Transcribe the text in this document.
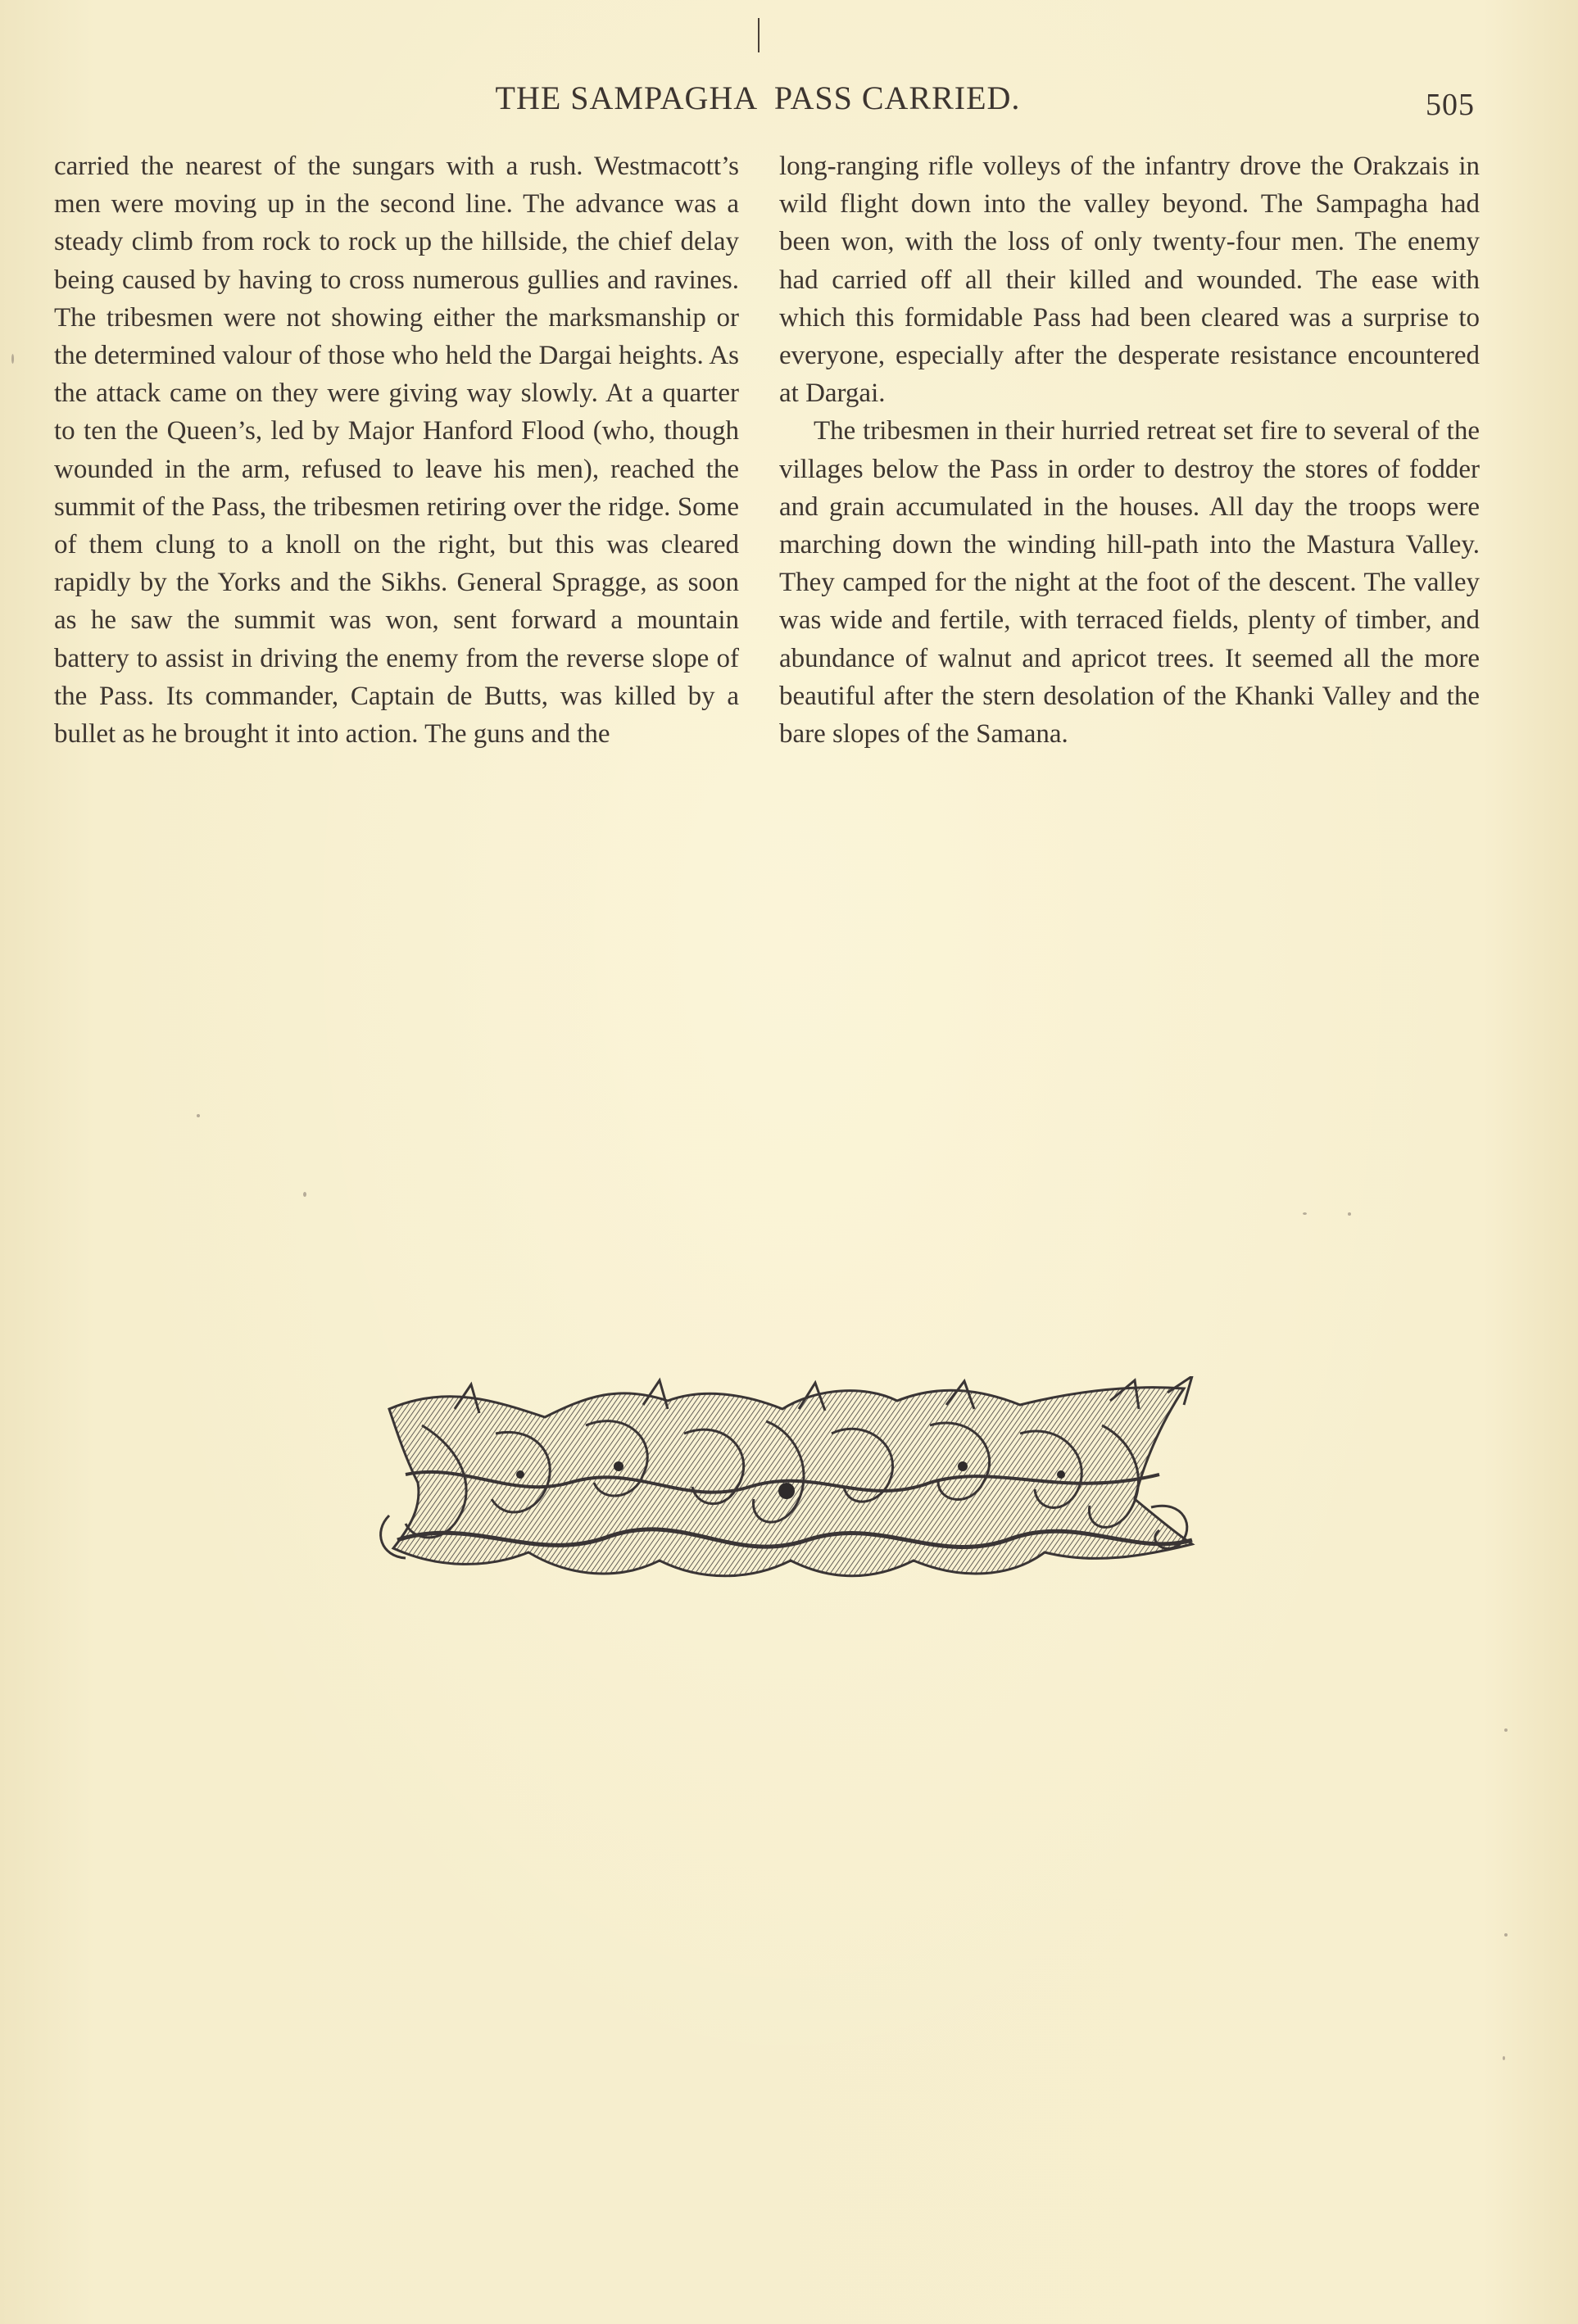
THE SAMPAGHA  PASS CARRIED.	505

carried the nearest of the sungars with a rush. Westmacott’s men were moving up in the second line. The advance was a steady climb from rock to rock up the hillside, the chief delay being caused by having to cross numerous gullies and ravines. The tribesmen were not showing either the marksmanship or the determined valour of those who held the Dargai heights. As the attack came on they were giving way slowly. At a quarter to ten the Queen’s, led by Major Hanford Flood (who, though wounded in the arm, refused to leave his men), reached the summit of the Pass, the tribesmen retiring over the ridge. Some of them clung to a knoll on the right, but this was cleared rapidly by the Yorks and the Sikhs. General Spragge, as soon as he saw the summit was won, sent forward a mountain battery to assist in driving the enemy from the reverse slope of the Pass. Its commander, Captain de Butts, was killed by a bullet as he brought it into action. The guns and the

long-ranging rifle volleys of the infantry drove the Orakzais in wild flight down into the valley beyond. The Sampagha had been won, with the loss of only twenty-four men. The enemy had carried off all their killed and wounded. The ease with which this formidable Pass had been cleared was a surprise to everyone, especially after the desperate resistance encountered at Dargai.

The tribesmen in their hurried retreat set fire to several of the villages below the Pass in order to destroy the stores of fodder and grain accumulated in the houses. All day the troops were marching down the winding hill-path into the Mastura Valley. They camped for the night at the foot of the descent. The valley was wide and fertile, with terraced fields, plenty of timber, and abundance of walnut and apricot trees. It seemed all the more beautiful after the stern desolation of the Khanki Valley and the bare slopes of the Samana.
